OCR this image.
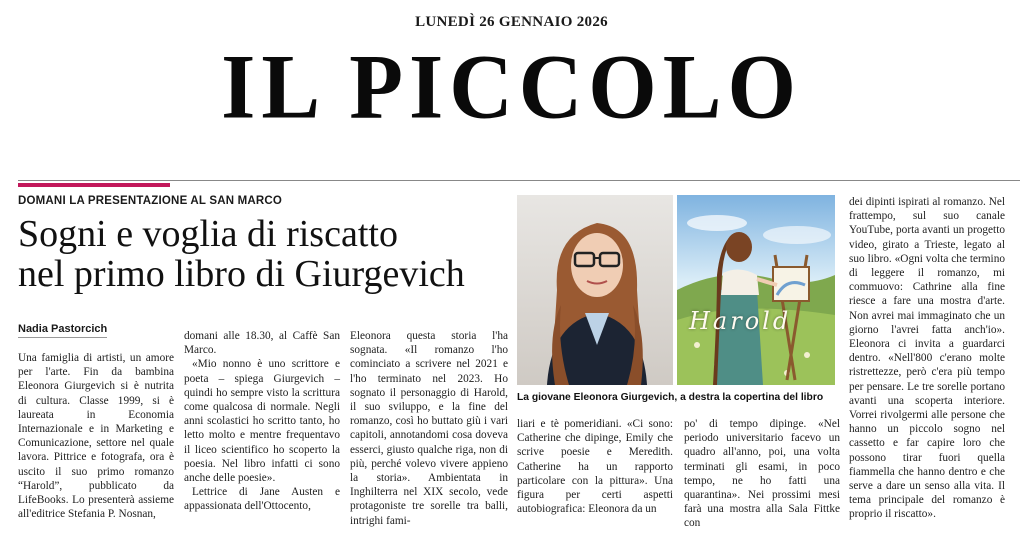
LUNEDÌ 26 GENNAIO 2026
IL PICCOLO
DOMANI LA PRESENTAZIONE AL SAN MARCO
Sogni e voglia di riscatto
nel primo libro di Giurgevich
Nadia Pastorcich

Una famiglia di artisti, un amore per l'arte. Fin da bambina Eleonora Giurgevich si è nutrita di cultura. Classe 1999, si è laureata in Economia Internazionale e in Marketing e Comunicazione, settore nel quale lavora. Pittrice e fotografa, ora è uscito il suo primo romanzo “Harold”, pubblicato da LifeBooks. Lo presenterà assieme all'editrice Stefania P. Nosnan,

domani alle 18.30, al Caffè San Marco.

«Mio nonno è uno scrittore e poeta – spiega Giurgevich – quindi ho sempre visto la scrittura come qualcosa di normale. Negli anni scolastici ho scritto tanto, ho letto molto e mentre frequentavo il liceo scientifico ho scoperto la poesia. Nel libro infatti ci sono anche delle poesie».

Lettrice di Jane Austen e appassionata dell'Ottocento,

Eleonora questa storia l'ha sognata. «Il romanzo l'ho cominciato a scrivere nel 2021 e l'ho terminato nel 2023. Ho sognato il personaggio di Harold, il suo sviluppo, e la fine del romanzo, così ho buttato giù i vari capitoli, annotandomi cosa doveva esserci, giusto qualche riga, non di più, perché volevo vivere appieno la storia». Ambientata in Inghilterra nel XIX secolo, vede protagoniste tre sorelle tra balli, intrighi fami-

Harold
La giovane Eleonora Giurgevich, a destra la copertina del libro

liari e tè pomeridiani. «Ci sono: Catherine che dipinge, Emily che scrive poesie e Meredith. Catherine ha un rapporto particolare con la pittura». Una figura per certi aspetti autobiografica: Eleonora da un

po' di tempo dipinge. «Nel periodo universitario facevo un quadro all'anno, poi, una volta terminati gli esami, in poco tempo, ne ho fatti una quarantina». Nei prossimi mesi farà una mostra alla Sala Fittke con

dei dipinti ispirati al romanzo. Nel frattempo, sul suo canale YouTube, porta avanti un progetto video, girato a Trieste, legato al suo libro. «Ogni volta che termino di leggere il romanzo, mi commuovo: Cathrine alla fine riesce a fare una mostra d'arte. Non avrei mai immaginato che un giorno l'avrei fatta anch'io». Eleonora ci invita a guardarci dentro. «Nell'800 c'erano molte ristrettezze, però c'era più tempo per pensare. Le tre sorelle portano avanti una scoperta interiore. Vorrei rivolgermi alle persone che hanno un piccolo sogno nel cassetto e far capire loro che possono tirar fuori quella fiammella che hanno dentro e che serve a dare un senso alla vita. Il tema principale del romanzo è proprio il riscatto».
